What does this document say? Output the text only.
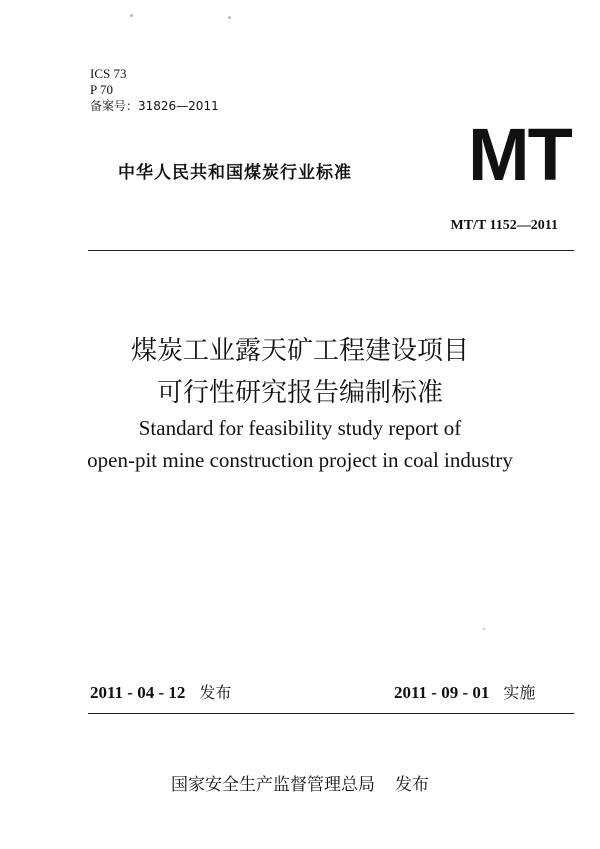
ICS 73
P 70
备案号：31826—2011
中华人民共和国煤炭行业标准 MT
MT/T 1152—2011
煤炭工业露天矿工程建设项目
可行性研究报告编制标准
Standard for feasibility study report of
open-pit mine construction project in coal industry
2011 - 04 - 12 发布	2011 - 09 - 01 实施
国家安全生产监督管理总局 发布
